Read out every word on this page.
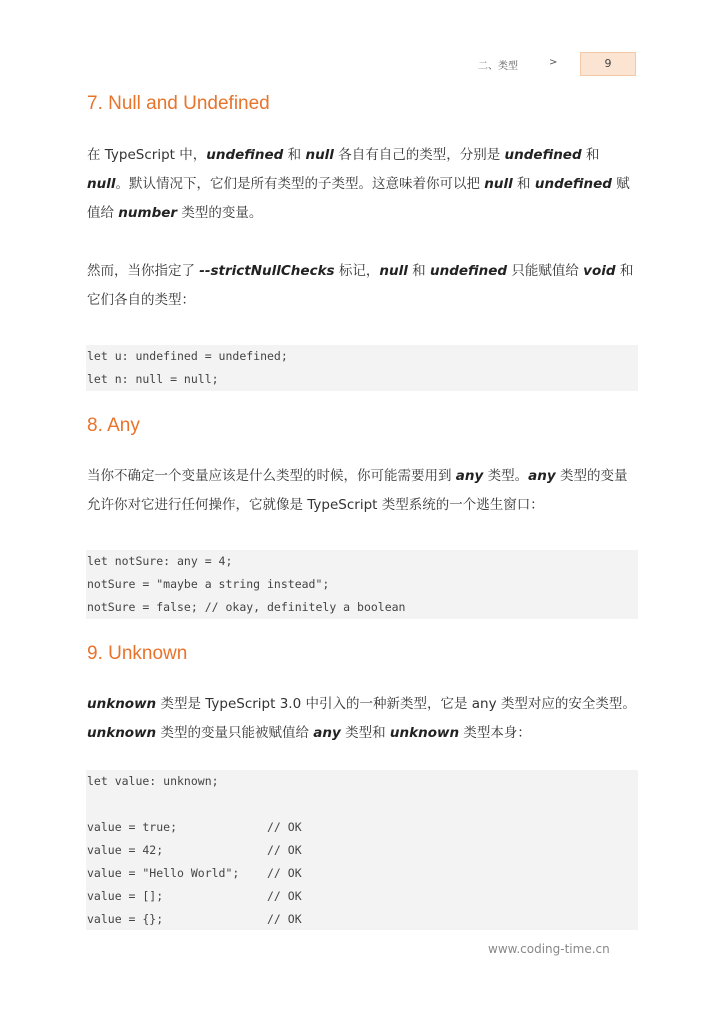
二、类型	>	9
7. Null and Undefined

在 TypeScript 中，undefined 和 null 各自有自己的类型，分别是 undefined 和 null。默认情况下，它们是所有类型的子类型。这意味着你可以把 null 和 undefined 赋值给 number 类型的变量。

然而，当你指定了 --strictNullChecks 标记，null 和 undefined 只能赋值给 void 和它们各自的类型：

let u: undefined = undefined;
let n: null = null;
8. Any

当你不确定一个变量应该是什么类型的时候，你可能需要用到 any 类型。any 类型的变量允许你对它进行任何操作，它就像是 TypeScript 类型系统的一个逃生窗口：

let notSure: any = 4;
notSure = "maybe a string instead";
notSure = false; // okay, definitely a boolean
9. Unknown

unknown 类型是 TypeScript 3.0 中引入的一种新类型，它是 any 类型对应的安全类型。unknown 类型的变量只能被赋值给 any 类型和 unknown 类型本身：

let value: unknown;
value = true;             // OK
value = 42;               // OK
value = "Hello World";    // OK
value = [];               // OK
value = {};               // OK
www.coding-time.cn
